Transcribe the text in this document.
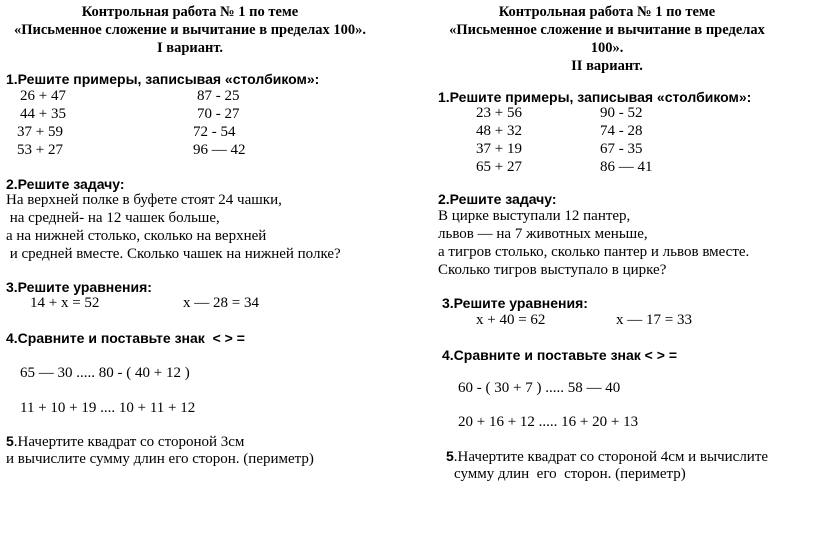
Контрольная работа № 1 по теме
«Письменное сложение и вычитание в пределах 100».
I вариант.
1.Решите примеры, записывая «столбиком»:
26 + 47
44 + 35
37 + 59
53 + 27
87 - 25
70 - 27
72 - 54
96 — 42
2.Решите задачу:
На верхней полке в буфете стоят 24 чашки,
на средней- на 12 чашек больше,
а на нижней столько, сколько на верхней
и средней вместе. Сколько чашек на нижней полке?
3.Решите уравнения:
14 + х = 52	х — 28 = 34
4.Сравните и поставьте знак  < > =
65 — 30 ..... 80 - ( 40 + 12 )
11 + 10 + 19 .... 10 + 11 + 12
5.Начертите квадрат со стороной 3см
и вычислите сумму длин его сторон. (периметр)
Контрольная работа № 1 по теме
«Письменное сложение и вычитание в пределах
100».
II вариант.
1.Решите примеры, записывая «столбиком»:
23 + 56
48 + 32
37 + 19
65 + 27
90 - 52
74 - 28
67 - 35
86 — 41
2.Решите задачу:
В цирке выступали 12 пантер,
львов — на 7 животных меньше,
а тигров столько, сколько пантер и львов вместе.
Сколько тигров выступало в цирке?
3.Решите уравнения:
х + 40 = 62	х — 17 = 33
4.Сравните и поставьте знак < > =
60 - ( 30 + 7 ) ..... 58 — 40
20 + 16 + 12 ..... 16 + 20 + 13
5.Начертите квадрат со стороной 4см и вычислите
сумму длин  его  сторон. (периметр)
